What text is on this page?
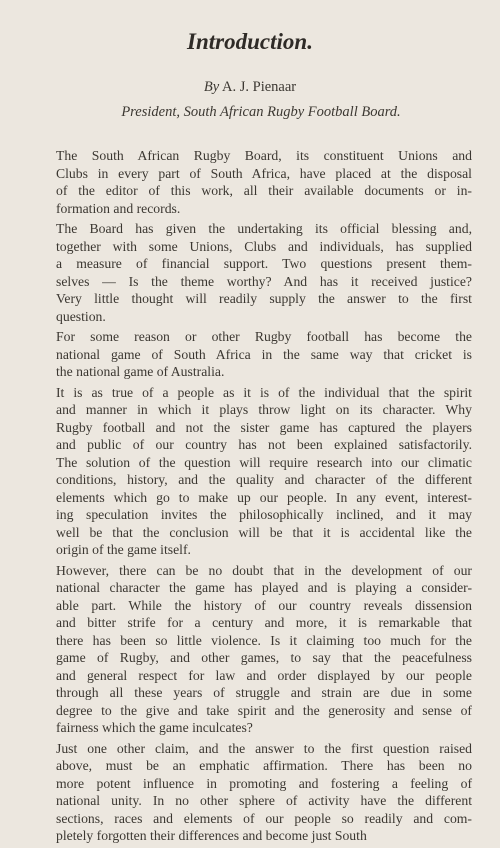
Introduction.

By A. J. Pienaar

President, South African Rugby Football Board.

The South African Rugby Board, its constituent Unions and
Clubs in every part of South Africa, have placed at the disposal
of the editor of this work, all their available documents or in-
formation and records.

The Board has given the undertaking its official blessing and,
together with some Unions, Clubs and individuals, has supplied
a measure of financial support. Two questions present them-
selves — Is the theme worthy? And has it received justice?
Very little thought will readily supply the answer to the first
question.

For some reason or other Rugby football has become the
national game of South Africa in the same way that cricket is
the national game of Australia.

It is as true of a people as it is of the individual that the spirit
and manner in which it plays throw light on its character. Why
Rugby football and not the sister game has captured the players
and public of our country has not been explained satisfactorily.
The solution of the question will require research into our climatic
conditions, history, and the quality and character of the different
elements which go to make up our people. In any event, interest-
ing speculation invites the philosophically inclined, and it may
well be that the conclusion will be that it is accidental like the
origin of the game itself.

However, there can be no doubt that in the development of our
national character the game has played and is playing a consider-
able part. While the history of our country reveals dissension
and bitter strife for a century and more, it is remarkable that
there has been so little violence. Is it claiming too much for the
game of Rugby, and other games, to say that the peacefulness
and general respect for law and order displayed by our people
through all these years of struggle and strain are due in some
degree to the give and take spirit and the generosity and sense of
fairness which the game inculcates?

Just one other claim, and the answer to the first question raised
above, must be an emphatic affirmation. There has been no
more potent influence in promoting and fostering a feeling of
national unity. In no other sphere of activity have the different
sections, races and elements of our people so readily and com-
pletely forgotten their differences and become just South
